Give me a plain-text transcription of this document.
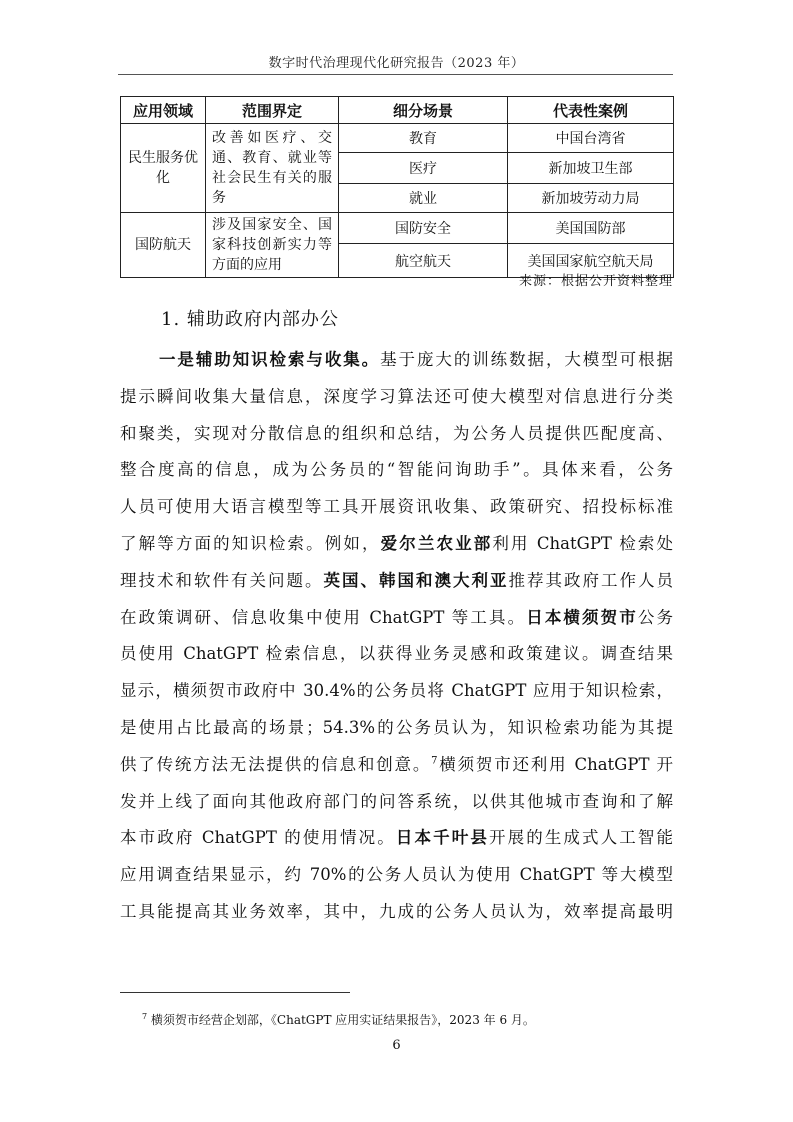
数字时代治理现代化研究报告（2023 年）
应用领域	范围界定	细分场景	代表性案例
民生服务优化	改善如医疗、交通、教育、就业等社会民生有关的服务	教育	中国台湾省
		医疗	新加坡卫生部
		就业	新加坡劳动力局
国防航天	涉及国家安全、国家科技创新实力等方面的应用	国防安全	美国国防部
		航空航天	美国国家航空航天局
来源：根据公开资料整理
1. 辅助政府内部办公
一是辅助知识检索与收集。基于庞大的训练数据，大模型可根据
提示瞬间收集大量信息，深度学习算法还可使大模型对信息进行分类
和聚类，实现对分散信息的组织和总结，为公务人员提供匹配度高、
整合度高的信息，成为公务员的“智能问询助手”。具体来看，公务
人员可使用大语言模型等工具开展资讯收集、政策研究、招投标标准
了解等方面的知识检索。例如，爱尔兰农业部利用 ChatGPT 检索处
理技术和软件有关问题。英国、韩国和澳大利亚推荐其政府工作人员
在政策调研、信息收集中使用 ChatGPT 等工具。日本横须贺市公务
员使用 ChatGPT 检索信息，以获得业务灵感和政策建议。调查结果
显示，横须贺市政府中 30.4%的公务员将 ChatGPT 应用于知识检索，
是使用占比最高的场景；54.3%的公务员认为，知识检索功能为其提
供了传统方法无法提供的信息和创意。$^7$横须贺市还利用 ChatGPT 开
发并上线了面向其他政府部门的问答系统，以供其他城市查询和了解
本市政府 ChatGPT 的使用情况。日本千叶县开展的生成式人工智能
应用调查结果显示，约 70%的公务人员认为使用 ChatGPT 等大模型
工具能提高其业务效率，其中，九成的公务人员认为，效率提高最明
$^7$ 横须贺市经营企划部，《ChatGPT 应用实证结果报告》，2023 年 6 月。
6
